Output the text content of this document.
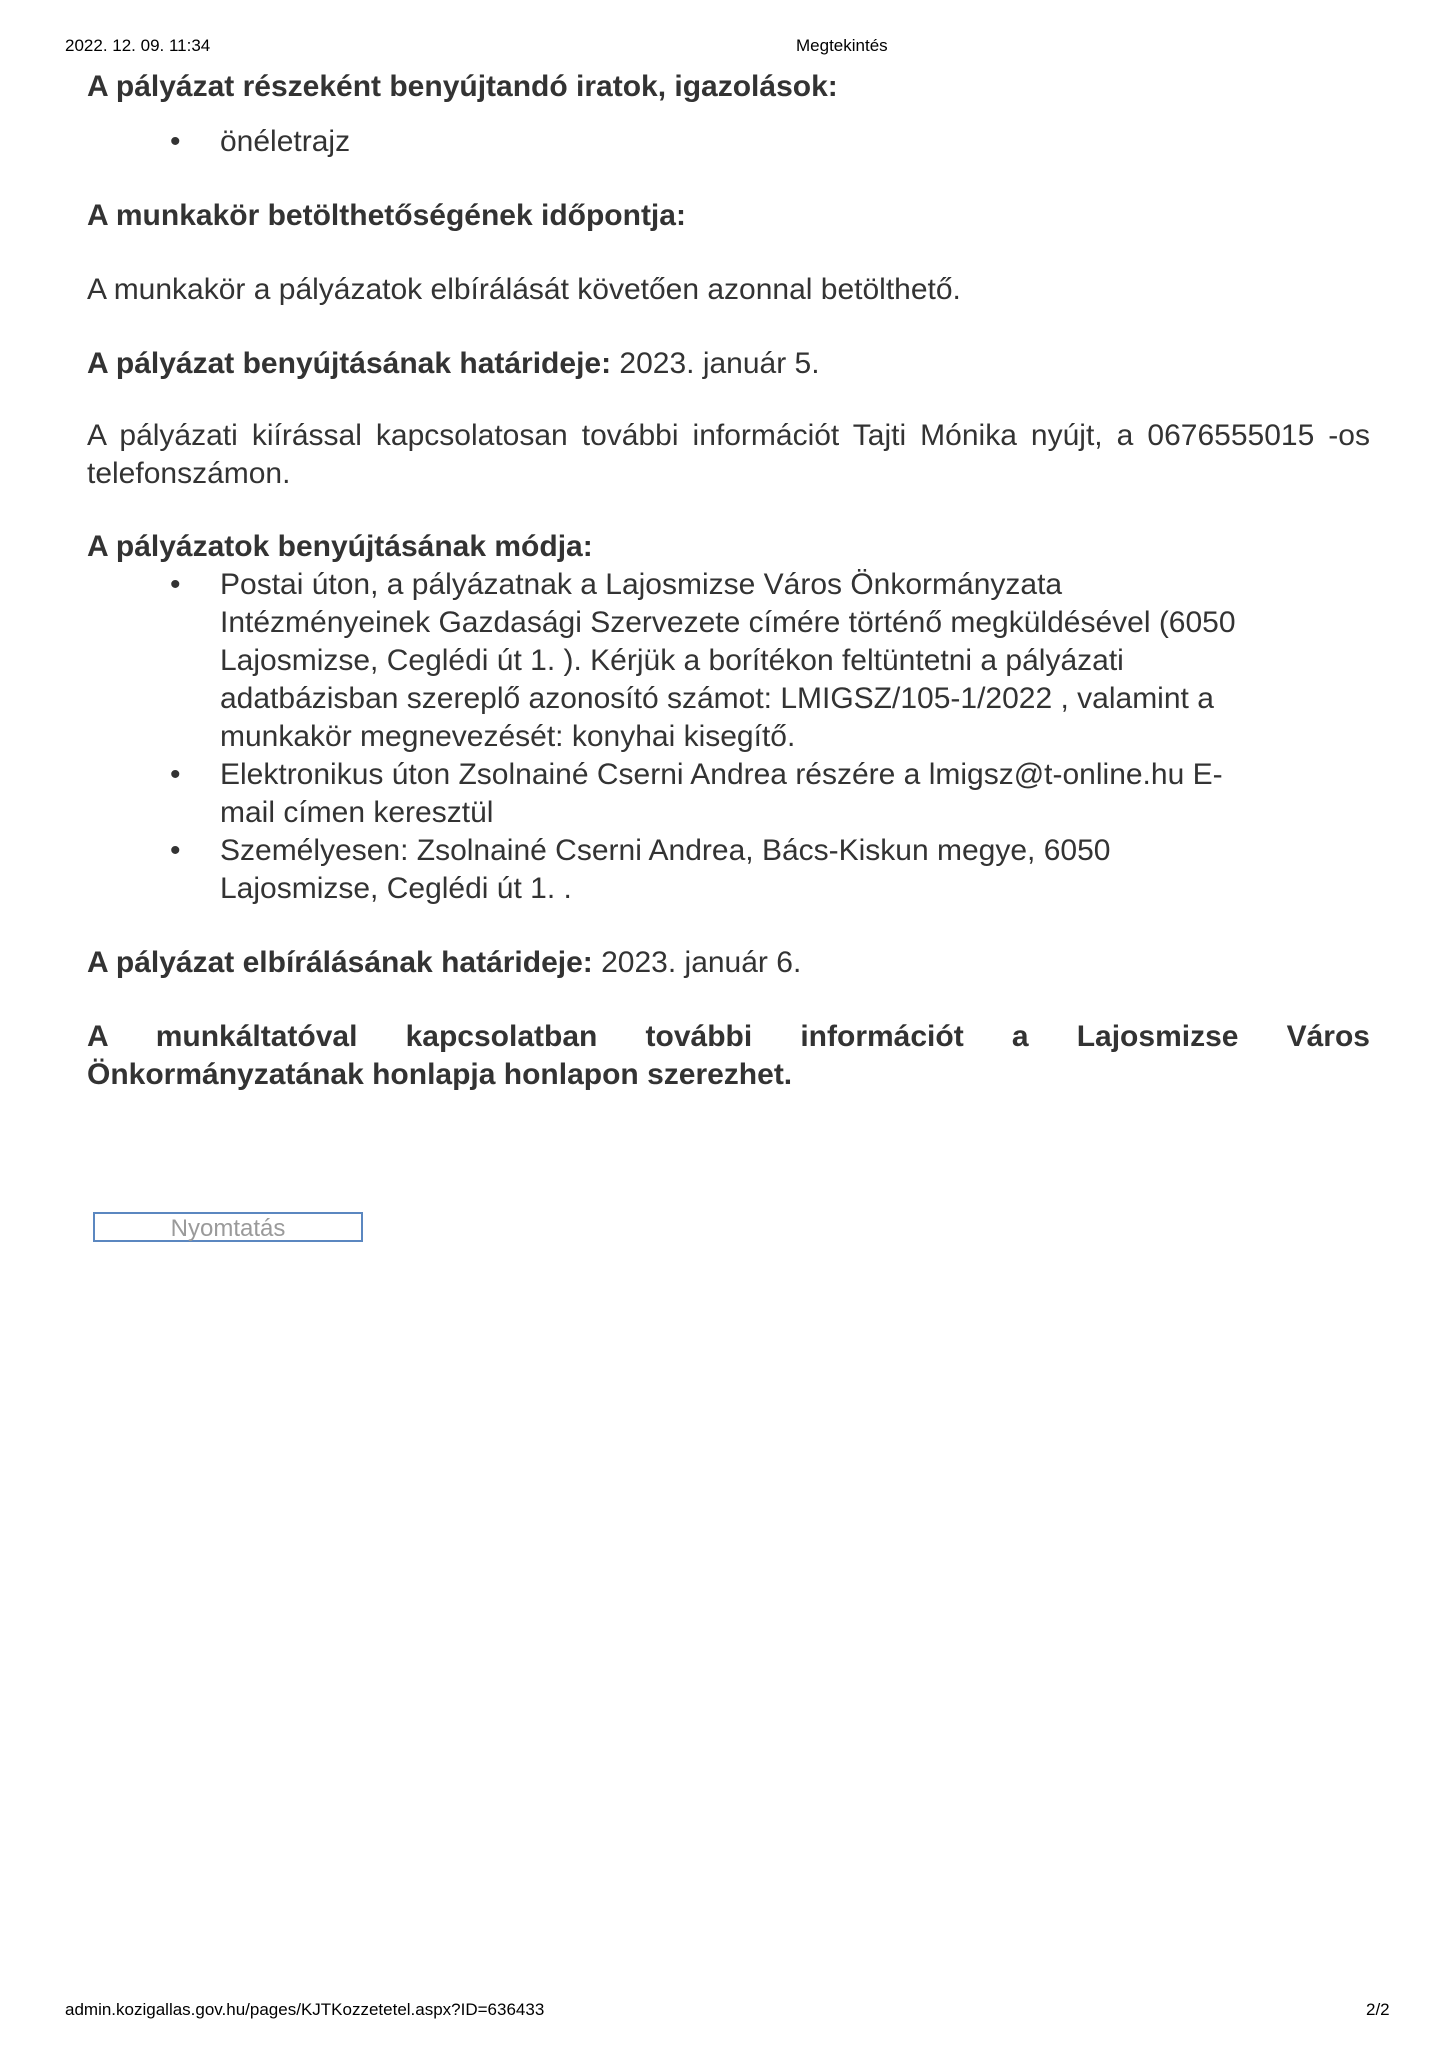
2022. 12. 09. 11:34	Megtekintés

A pályázat részeként benyújtandó iratok, igazolások:

• önéletrajz

A munkakör betölthetőségének időpontja:

A munkakör a pályázatok elbírálását követően azonnal betölthető.

A pályázat benyújtásának határideje: 2023. január 5.

A pályázati kiírással kapcsolatosan további információt Tajti Mónika nyújt, a 0676555015 -os telefonszámon.

A pályázatok benyújtásának módja:

• Postai úton, a pályázatnak a Lajosmizse Város Önkormányzata Intézményeinek Gazdasági Szervezete címére történő megküldésével (6050 Lajosmizse, Ceglédi út 1. ). Kérjük a borítékon feltüntetni a pályázati adatbázisban szereplő azonosító számot: LMIGSZ/105-1/2022 , valamint a munkakör megnevezését: konyhai kisegítő.
• Elektronikus úton Zsolnainé Cserni Andrea részére a lmigsz@t-online.hu E-mail címen keresztül
• Személyesen: Zsolnainé Cserni Andrea, Bács-Kiskun megye, 6050 Lajosmizse, Ceglédi út 1. .

A pályázat elbírálásának határideje: 2023. január 6.

A munkáltatóval kapcsolatban további információt a Lajosmizse Város Önkormányzatának honlapja honlapon szerezhet.

Nyomtatás
admin.kozigallas.gov.hu/pages/KJTKozzetetel.aspx?ID=636433	2/2
